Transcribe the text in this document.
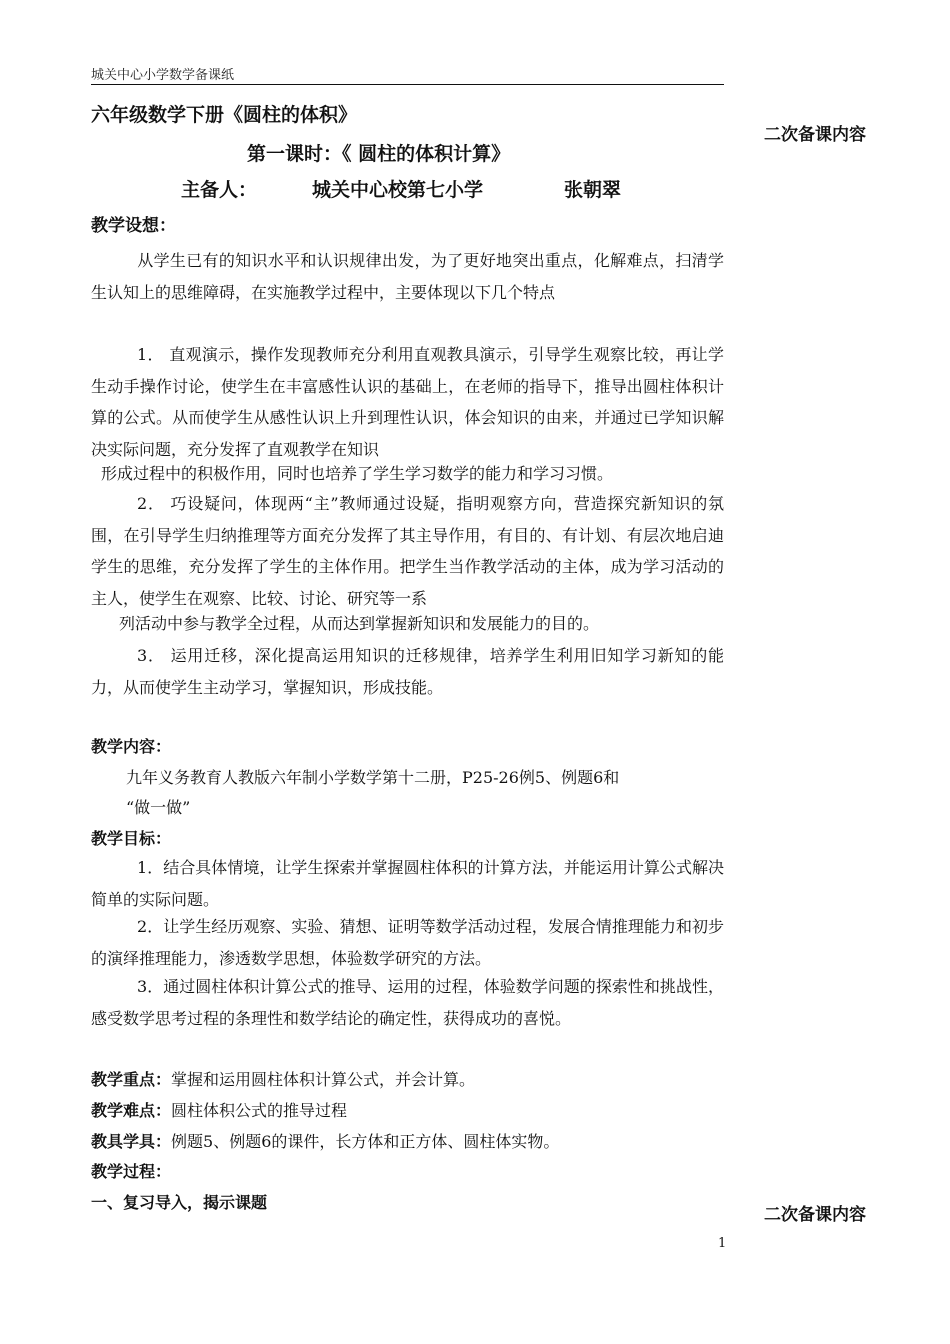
城关中心小学数学备课纸
二次备课内容
二次备课内容
六年级数学下册《圆柱的体积》
第一课时：《 圆柱的体积计算》
主备人：	城关中心校第七小学	张朝翠
教学设想：
从学生已有的知识水平和认识规律出发，为了更好地突出重点，化解难点，扫清学生认知上的思维障碍，在实施教学过程中，主要体现以下几个特点
1． 直观演示，操作发现教师充分利用直观教具演示，引导学生观察比较，再让学生动手操作讨论，使学生在丰富感性认识的基础上，在老师的指导下，推导出圆柱体积计算的公式。从而使学生从感性认识上升到理性认识，体会知识的由来，并通过已学知识解决实际问题，充分发挥了直观教学在知识
形成过程中的积极作用，同时也培养了学生学习数学的能力和学习习惯。
2． 巧设疑问，体现两“主”教师通过设疑，指明观察方向，营造探究新知识的氛围，在引导学生归纳推理等方面充分发挥了其主导作用，有目的、有计划、有层次地启迪学生的思维，充分发挥了学生的主体作用。把学生当作教学活动的主体，成为学习活动的主人，使学生在观察、比较、讨论、研究等一系
列活动中参与教学全过程，从而达到掌握新知识和发展能力的目的。
3． 运用迁移，深化提高运用知识的迁移规律，培养学生利用旧知学习新知的能力，从而使学生主动学习，掌握知识，形成技能。
教学内容：
九年义务教育人教版六年制小学数学第十二册，P25-26例5、例题6和
“做一做”
教学目标：
1．结合具体情境，让学生探索并掌握圆柱体积的计算方法，并能运用计算公式解决简单的实际问题。
2．让学生经历观察、实验、猜想、证明等数学活动过程，发展合情推理能力和初步的演绎推理能力，渗透数学思想，体验数学研究的方法。
3．通过圆柱体积计算公式的推导、运用的过程，体验数学问题的探索性和挑战性，感受数学思考过程的条理性和数学结论的确定性，获得成功的喜悦。
教学重点：掌握和运用圆柱体积计算公式，并会计算。
教学难点：圆柱体积公式的推导过程
教具学具：例题5、例题6的课件，长方体和正方体、圆柱体实物。
教学过程：
一、复习导入，揭示课题
1
